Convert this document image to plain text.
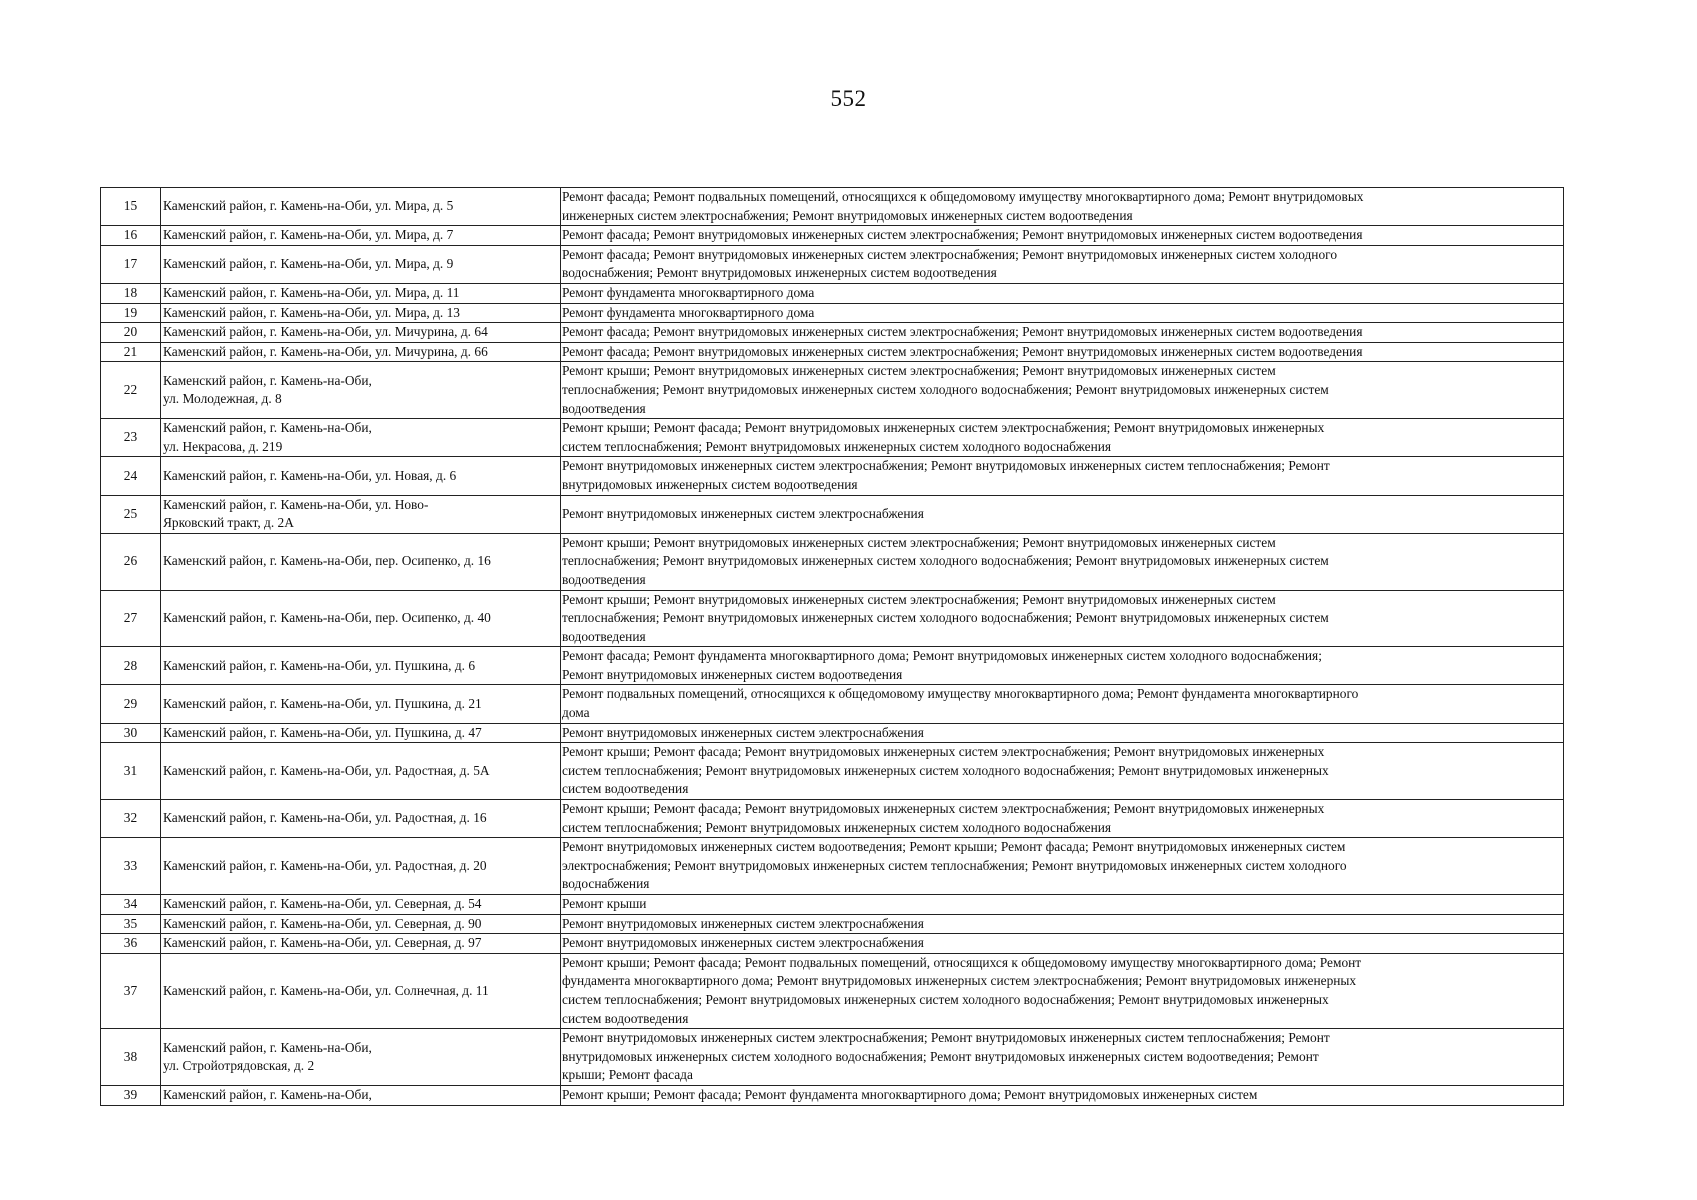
552
15	Каменский район, г. Камень-на-Оби, ул. Мира, д. 5	Ремонт фасада; Ремонт подвальных помещений, относящихся к общедомовому имуществу многоквартирного дома; Ремонт внутридомовых
инженерных систем электроснабжения; Ремонт внутридомовых инженерных систем водоотведения

16	Каменский район, г. Камень-на-Оби, ул. Мира, д. 7	Ремонт фасада; Ремонт внутридомовых инженерных систем электроснабжения; Ремонт внутридомовых инженерных систем водоотведения

17	Каменский район, г. Камень-на-Оби, ул. Мира, д. 9	Ремонт фасада; Ремонт внутридомовых инженерных систем электроснабжения; Ремонт внутридомовых инженерных систем холодного
водоснабжения; Ремонт внутридомовых инженерных систем водоотведения

18	Каменский район, г. Камень-на-Оби, ул. Мира, д. 11	Ремонт фундамента многоквартирного дома

19	Каменский район, г. Камень-на-Оби, ул. Мира, д. 13	Ремонт фундамента многоквартирного дома

20	Каменский район, г. Камень-на-Оби, ул. Мичурина, д. 64	Ремонт фасада; Ремонт внутридомовых инженерных систем электроснабжения; Ремонт внутридомовых инженерных систем водоотведения

21	Каменский район, г. Камень-на-Оби, ул. Мичурина, д. 66	Ремонт фасада; Ремонт внутридомовых инженерных систем электроснабжения; Ремонт внутридомовых инженерных систем водоотведения

22	Каменский район, г. Камень-на-Оби,
ул. Молодежная, д. 8	Ремонт крыши; Ремонт внутридомовых инженерных систем электроснабжения; Ремонт внутридомовых инженерных систем
теплоснабжения; Ремонт внутридомовых инженерных систем холодного водоснабжения; Ремонт внутридомовых инженерных систем
водоотведения

23	Каменский район, г. Камень-на-Оби,
ул. Некрасова, д. 219	Ремонт крыши; Ремонт фасада; Ремонт внутридомовых инженерных систем электроснабжения; Ремонт внутридомовых инженерных
систем теплоснабжения; Ремонт внутридомовых инженерных систем холодного водоснабжения

24	Каменский район, г. Камень-на-Оби, ул. Новая, д. 6	Ремонт внутридомовых инженерных систем электроснабжения; Ремонт внутридомовых инженерных систем теплоснабжения; Ремонт
внутридомовых инженерных систем водоотведения

25	Каменский район, г. Камень-на-Оби, ул. Ново-
Ярковский тракт, д. 2А	Ремонт внутридомовых инженерных систем электроснабжения

26	Каменский район, г. Камень-на-Оби, пер. Осипенко, д. 16	Ремонт крыши; Ремонт внутридомовых инженерных систем электроснабжения; Ремонт внутридомовых инженерных систем
теплоснабжения; Ремонт внутридомовых инженерных систем холодного водоснабжения; Ремонт внутридомовых инженерных систем
водоотведения

27	Каменский район, г. Камень-на-Оби, пер. Осипенко, д. 40	Ремонт крыши; Ремонт внутридомовых инженерных систем электроснабжения; Ремонт внутридомовых инженерных систем
теплоснабжения; Ремонт внутридомовых инженерных систем холодного водоснабжения; Ремонт внутридомовых инженерных систем
водоотведения

28	Каменский район, г. Камень-на-Оби, ул. Пушкина, д. 6	Ремонт фасада; Ремонт фундамента многоквартирного дома; Ремонт внутридомовых инженерных систем холодного водоснабжения;
Ремонт внутридомовых инженерных систем водоотведения

29	Каменский район, г. Камень-на-Оби, ул. Пушкина, д. 21	Ремонт подвальных помещений, относящихся к общедомовому имуществу многоквартирного дома; Ремонт фундамента многоквартирного
дома

30	Каменский район, г. Камень-на-Оби, ул. Пушкина, д. 47	Ремонт внутридомовых инженерных систем электроснабжения

31	Каменский район, г. Камень-на-Оби, ул. Радостная, д. 5А	Ремонт крыши; Ремонт фасада; Ремонт внутридомовых инженерных систем электроснабжения; Ремонт внутридомовых инженерных
систем теплоснабжения; Ремонт внутридомовых инженерных систем холодного водоснабжения; Ремонт внутридомовых инженерных
систем водоотведения

32	Каменский район, г. Камень-на-Оби, ул. Радостная, д. 16	Ремонт крыши; Ремонт фасада; Ремонт внутридомовых инженерных систем электроснабжения; Ремонт внутридомовых инженерных
систем теплоснабжения; Ремонт внутридомовых инженерных систем холодного водоснабжения

33	Каменский район, г. Камень-на-Оби, ул. Радостная, д. 20	Ремонт внутридомовых инженерных систем водоотведения; Ремонт крыши; Ремонт фасада; Ремонт внутридомовых инженерных систем
электроснабжения; Ремонт внутридомовых инженерных систем теплоснабжения; Ремонт внутридомовых инженерных систем холодного
водоснабжения

34	Каменский район, г. Камень-на-Оби, ул. Северная, д. 54	Ремонт крыши

35	Каменский район, г. Камень-на-Оби, ул. Северная, д. 90	Ремонт внутридомовых инженерных систем электроснабжения

36	Каменский район, г. Камень-на-Оби, ул. Северная, д. 97	Ремонт внутридомовых инженерных систем электроснабжения

37	Каменский район, г. Камень-на-Оби, ул. Солнечная, д. 11	Ремонт крыши; Ремонт фасада; Ремонт подвальных помещений, относящихся к общедомовому имуществу многоквартирного дома; Ремонт
фундамента многоквартирного дома; Ремонт внутридомовых инженерных систем электроснабжения; Ремонт внутридомовых инженерных
систем теплоснабжения; Ремонт внутридомовых инженерных систем холодного водоснабжения; Ремонт внутридомовых инженерных
систем водоотведения

38	Каменский район, г. Камень-на-Оби,
ул. Стройотрядовская, д. 2	Ремонт внутридомовых инженерных систем электроснабжения; Ремонт внутридомовых инженерных систем теплоснабжения; Ремонт
внутридомовых инженерных систем холодного водоснабжения; Ремонт внутридомовых инженерных систем водоотведения; Ремонт
крыши; Ремонт фасада

39	Каменский район, г. Камень-на-Оби,	Ремонт крыши; Ремонт фасада; Ремонт фундамента многоквартирного дома; Ремонт внутридомовых инженерных систем
